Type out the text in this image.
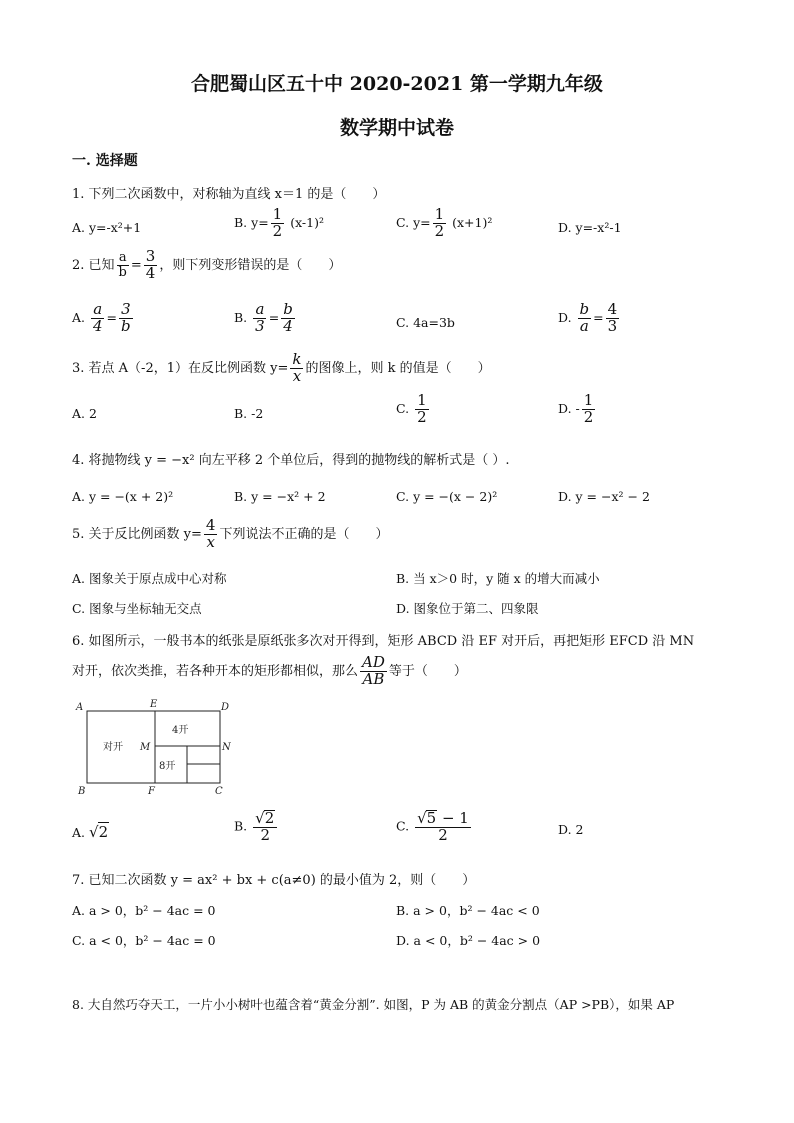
合肥蜀山区五十中 2020-2021 第一学期九年级
数学期中试卷
一. 选择题
1. 下列二次函数中，对称轴为直线 x＝1 的是（　　）
A. y=-x²+1	B. $y= \frac{1}{2} (x-1)^2$	C. $y= \frac{1}{2} (x+1)^2$	D. y=-x²-1
2. 已知 $\frac{a}{b} = \frac{3}{4}$ ，则下列变形错误的是（　　）
A. $\frac{a}{4} = \frac{3}{b}$	B. $\frac{a}{3} = \frac{b}{4}$	C. 4a=3b	D. $\frac{b}{a} = \frac{4}{3}$
3. 若点 A（-2，1）在反比例函数 $y= \frac{k}{x}$ 的图像上，则 k 的值是（　　）
A. 2	B. -2	C. $\frac{1}{2}$	D. - $\frac{1}{2}$
4. 将抛物线 y = −x² 向左平移 2 个单位后，得到的抛物线的解析式是（ ）.
A. y = −(x + 2)²	B. y = −x² + 2	C. y = −(x − 2)²	D. y = −x² − 2
5. 关于反比例函数 $y= \frac{4}{x}$ 下列说法不正确的是（　　）
A. 图象关于原点成中心对称	B. 当 x＞0 时，y 随 x 的增大而减小
C. 图象与坐标轴无交点	D. 图象位于第二、四象限
6. 如图所示，一般书本的纸张是原纸张多次对开得到，矩形 ABCD 沿 EF 对开后，再把矩形 EFCD 沿 MN
对开，依次类推，若各种开本的矩形都相似，那么 $\frac{AD}{AB}$ 等于（　　）
A	E	D
B	F	C
M	N
对开
4开
8开
A. √2	B. $\frac{√2}{2}$	C. $\frac{√5 - 1}{2}$	D. 2
7. 已知二次函数 y = ax² + bx + c(a≠0) 的最小值为 2，则（　　）
A. a > 0，b² − 4ac = 0	B. a > 0，b² − 4ac < 0
C. a < 0，b² − 4ac = 0	D. a < 0，b² − 4ac > 0
8. 大自然巧夺天工，一片小小树叶也蕴含着“黄金分割”. 如图，P 为 AB 的黄金分割点（AP >PB），如果 AP
